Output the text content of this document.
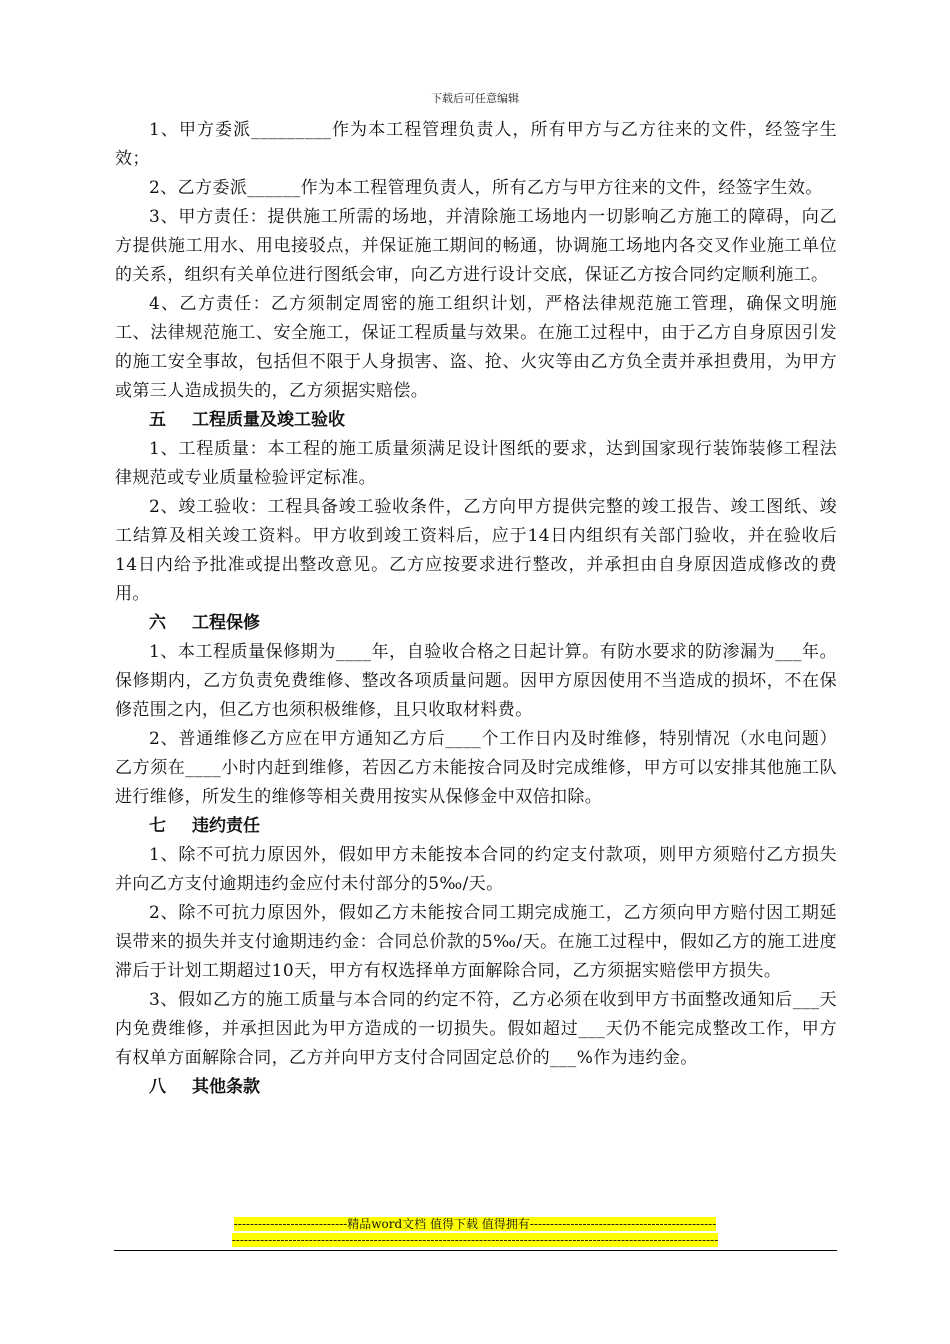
下载后可任意编辑

1、甲方委派_________作为本工程管理负责人，所有甲方与乙方往来的文件，经签字生效；

2、乙方委派______作为本工程管理负责人，所有乙方与甲方往来的文件，经签字生效。

3、甲方责任：提供施工所需的场地，并清除施工场地内一切影响乙方施工的障碍，向乙方提供施工用水、用电接驳点，并保证施工期间的畅通，协调施工场地内各交叉作业施工单位的关系，组织有关单位进行图纸会审，向乙方进行设计交底，保证乙方按合同约定顺利施工。

4、乙方责任：乙方须制定周密的施工组织计划，严格法律规范施工管理，确保文明施工、法律规范施工、安全施工，保证工程质量与效果。在施工过程中，由于乙方自身原因引发的施工安全事故，包括但不限于人身损害、盗、抢、火灾等由乙方负全责并承担费用，为甲方或第三人造成损失的，乙方须据实赔偿。

五 工程质量及竣工验收

1、工程质量：本工程的施工质量须满足设计图纸的要求，达到国家现行装饰装修工程法律规范或专业质量检验评定标准。

2、竣工验收：工程具备竣工验收条件，乙方向甲方提供完整的竣工报告、竣工图纸、竣工结算及相关竣工资料。甲方收到竣工资料后，应于14日内组织有关部门验收，并在验收后14日内给予批准或提出整改意见。乙方应按要求进行整改，并承担由自身原因造成修改的费用。

六 工程保修

1、本工程质量保修期为____年，自验收合格之日起计算。有防水要求的防渗漏为___年。保修期内，乙方负责免费维修、整改各项质量问题。因甲方原因使用不当造成的损坏，不在保修范围之内，但乙方也须积极维修，且只收取材料费。

2、普通维修乙方应在甲方通知乙方后____个工作日内及时维修，特别情况（水电问题）乙方须在____小时内赶到维修，若因乙方未能按合同及时完成维修，甲方可以安排其他施工队进行维修，所发生的维修等相关费用按实从保修金中双倍扣除。

七 违约责任

1、除不可抗力原因外，假如甲方未能按本合同的约定支付款项，则甲方须赔付乙方损失并向乙方支付逾期违约金应付未付部分的5‰/天。

2、除不可抗力原因外，假如乙方未能按合同工期完成施工，乙方须向甲方赔付因工期延误带来的损失并支付逾期违约金：合同总价款的5‰/天。在施工过程中，假如乙方的施工进度滞后于计划工期超过10天，甲方有权选择单方面解除合同，乙方须据实赔偿甲方损失。

3、假如乙方的施工质量与本合同的约定不符，乙方必须在收到甲方书面整改通知后___天内免费维修，并承担因此为甲方造成的一切损失。假如超过___天仍不能完成整改工作，甲方有权单方面解除合同，乙方并向甲方支付合同固定总价的___%作为违约金。

八 其他条款

----------------------------精品word文档 值得下载 值得拥有----------------------------------------------
------------------------------------------------------------------------------------------------------------------------
